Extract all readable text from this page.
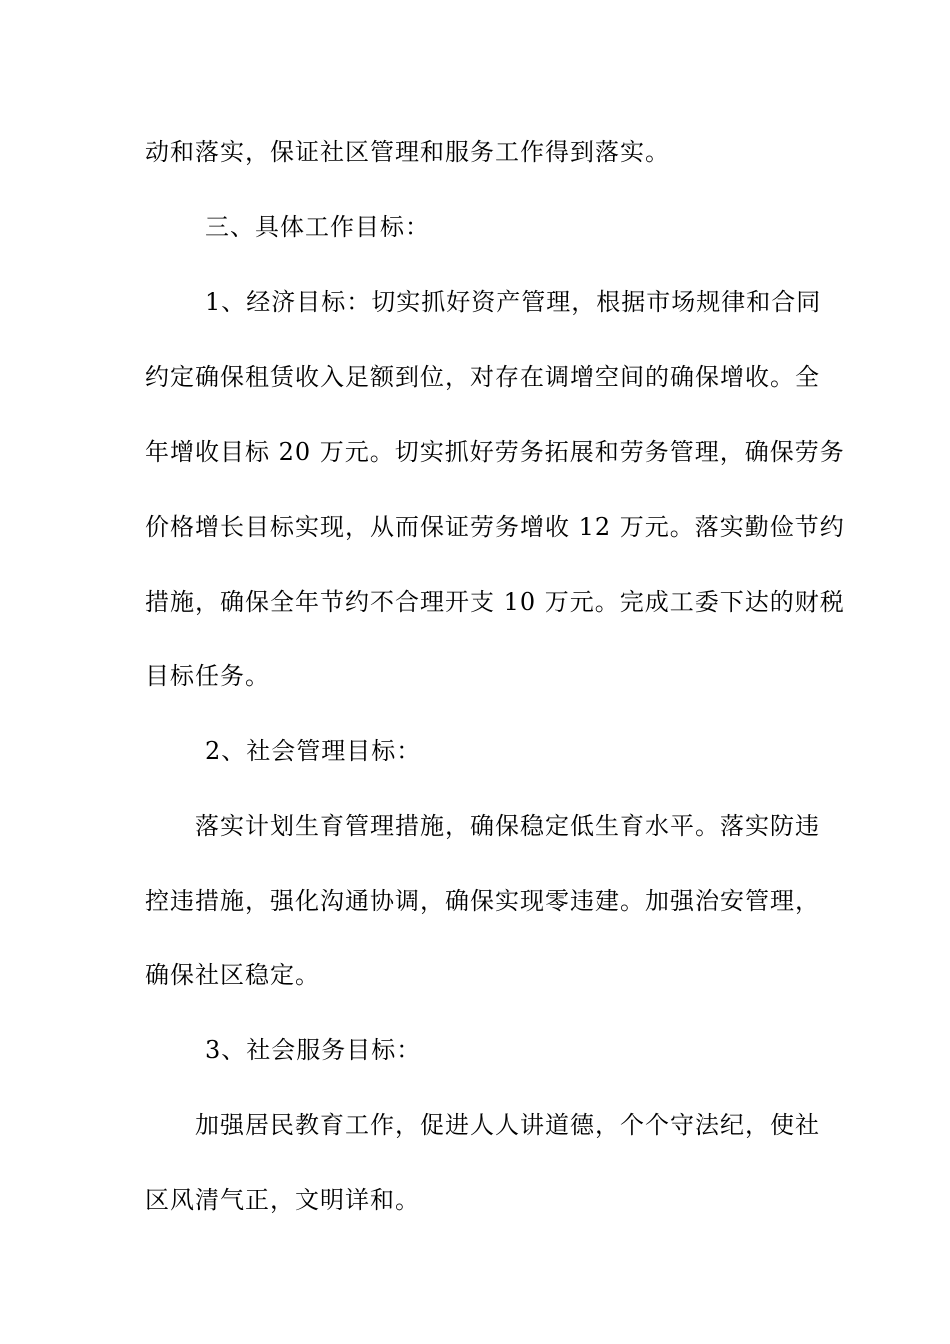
动和落实，保证社区管理和服务工作得到落实。
三、具体工作目标：
1、经济目标：切实抓好资产管理，根据市场规律和合同
约定确保租赁收入足额到位，对存在调增空间的确保增收。全
年增收目标 20 万元。切实抓好劳务拓展和劳务管理，确保劳务
价格增长目标实现，从而保证劳务增收 12 万元。落实勤俭节约
措施，确保全年节约不合理开支 10 万元。完成工委下达的财税
目标任务。
2、社会管理目标：
落实计划生育管理措施，确保稳定低生育水平。落实防违
控违措施，强化沟通协调，确保实现零违建。加强治安管理，
确保社区稳定。
3、社会服务目标：
加强居民教育工作，促进人人讲道德，个个守法纪，使社
区风清气正，文明详和。
